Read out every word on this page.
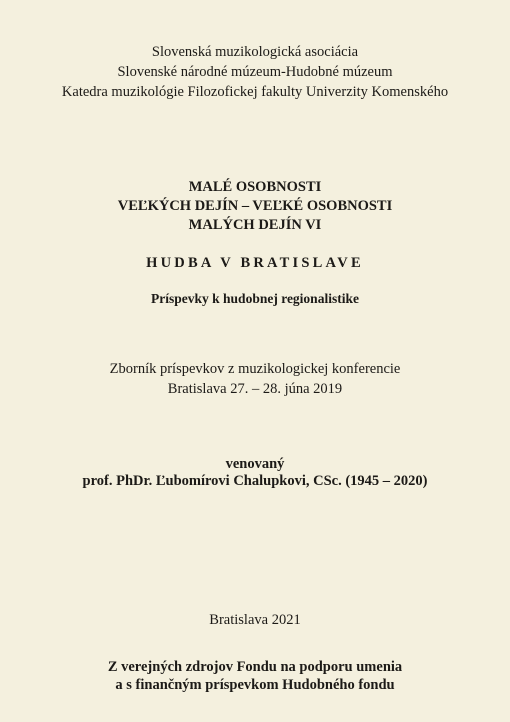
Slovenská muzikologická asociácia
Slovenské národné múzeum-Hudobné múzeum
Katedra muzikológie Filozofickej fakulty Univerzity Komenského
MALÉ OSOBNOSTI
VEĽKÝCH DEJÍN – VEĽKÉ OSOBNOSTI
MALÝCH DEJÍN VI
HUDBA V BRATISLAVE
Príspevky k hudobnej regionalistike
Zborník príspevkov z muzikologickej konferencie
Bratislava 27. – 28. júna 2019
venovaný
prof. PhDr. Ľubomírovi Chalupkovi, CSc. (1945 – 2020)
Bratislava 2021
Z verejných zdrojov Fondu na podporu umenia
a s finančným príspevkom Hudobného fondu
